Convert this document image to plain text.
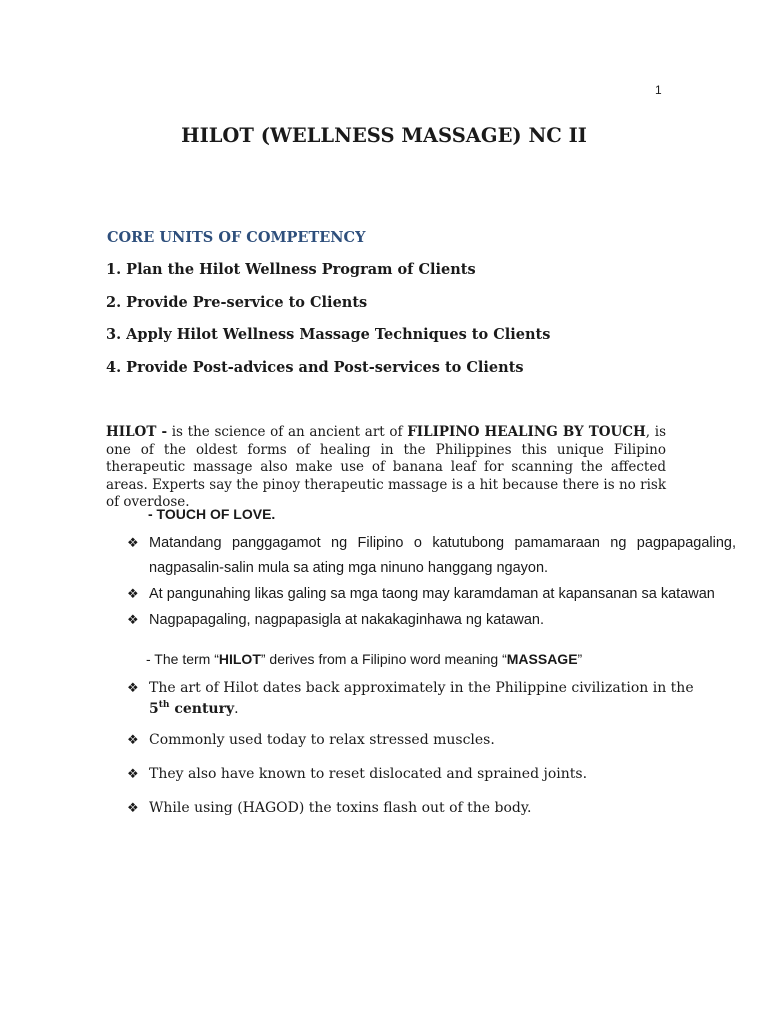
1
HILOT (WELLNESS MASSAGE) NC II
CORE UNITS OF COMPETENCY
1. Plan the Hilot Wellness Program of Clients
2. Provide Pre-service to Clients
3. Apply Hilot Wellness Massage Techniques to Clients
4. Provide Post-advices and Post-services to Clients

HILOT - is the science of an ancient art of FILIPINO HEALING BY TOUCH, is one of the oldest forms of healing in the Philippines this unique Filipino therapeutic massage also make use of banana leaf for scanning the affected areas. Experts say the pinoy therapeutic massage is a hit because there is no risk of overdose.

- TOUCH OF LOVE.
❖ Matandang panggagamot ng Filipino o katutubong pamamaraan ng pagpapagaling,
nagpasalin-salin mula sa ating mga ninuno hanggang ngayon.
❖ At pangunahing likas galing sa mga taong may karamdaman at kapansanan sa katawan
❖ Nagpapagaling, nagpapasigla at nakakaginhawa ng katawan.
- The term “HILOT” derives from a Filipino word meaning “MASSAGE”
❖ The art of Hilot dates back approximately in the Philippine civilization in the
5th century.
❖ Commonly used today to relax stressed muscles.
❖ They also have known to reset dislocated and sprained joints.
❖ While using (HAGOD) the toxins flash out of the body.
